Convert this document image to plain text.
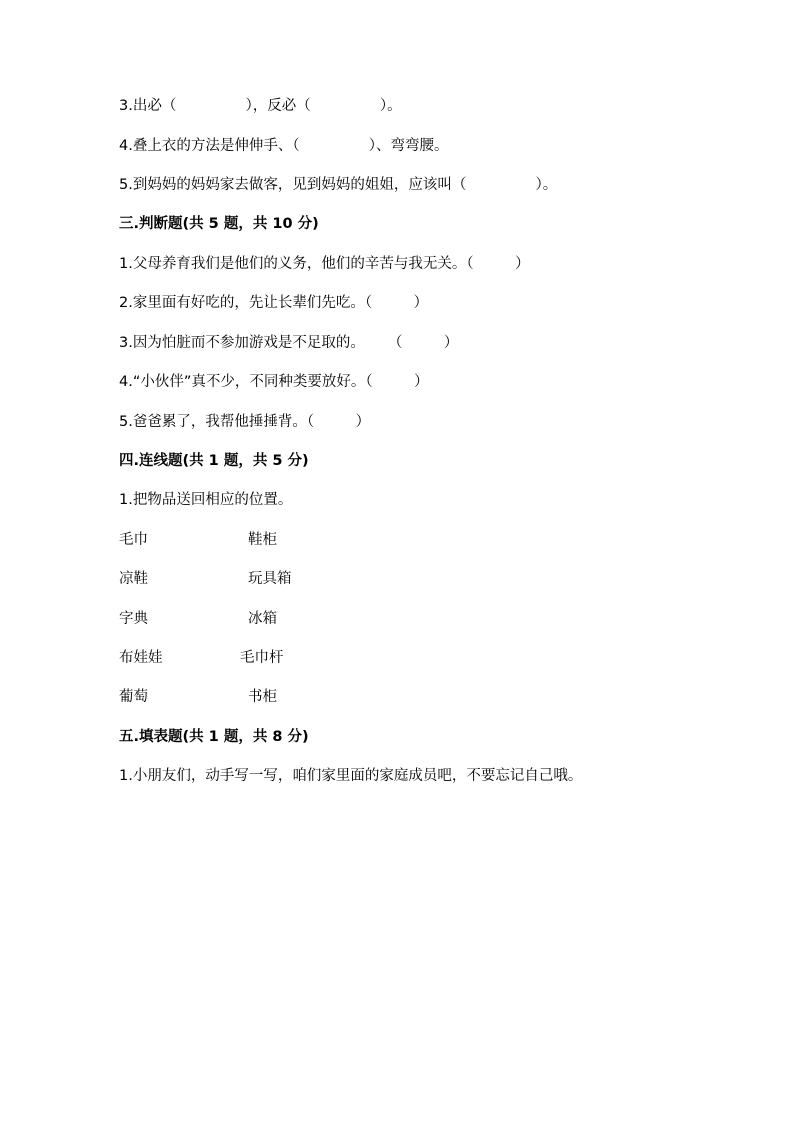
3.出必（               ），反必（               ）。
4.叠上衣的方法是伸伸手、（               ）、弯弯腰。
5.到妈妈的妈妈家去做客，见到妈妈的姐姐，应该叫（               ）。
三.判断题(共 5 题，共 10 分)
1.父母养育我们是他们的义务，他们的辛苦与我无关。（         ）
2.家里面有好吃的，先让长辈们先吃。（         ）
3.因为怕脏而不参加游戏是不足取的。     （         ）
4.“小伙伴”真不少，不同种类要放好。（         ）
5.爸爸累了，我帮他捶捶背。（         ）
四.连线题(共 1 题，共 5 分)
1.把物品送回相应的位置。
毛巾	鞋柜
凉鞋	玩具箱
字典	冰箱
布娃娃	毛巾杆
葡萄	书柜
五.填表题(共 1 题，共 8 分)
1.小朋友们，动手写一写，咱们家里面的家庭成员吧，不要忘记自己哦。
